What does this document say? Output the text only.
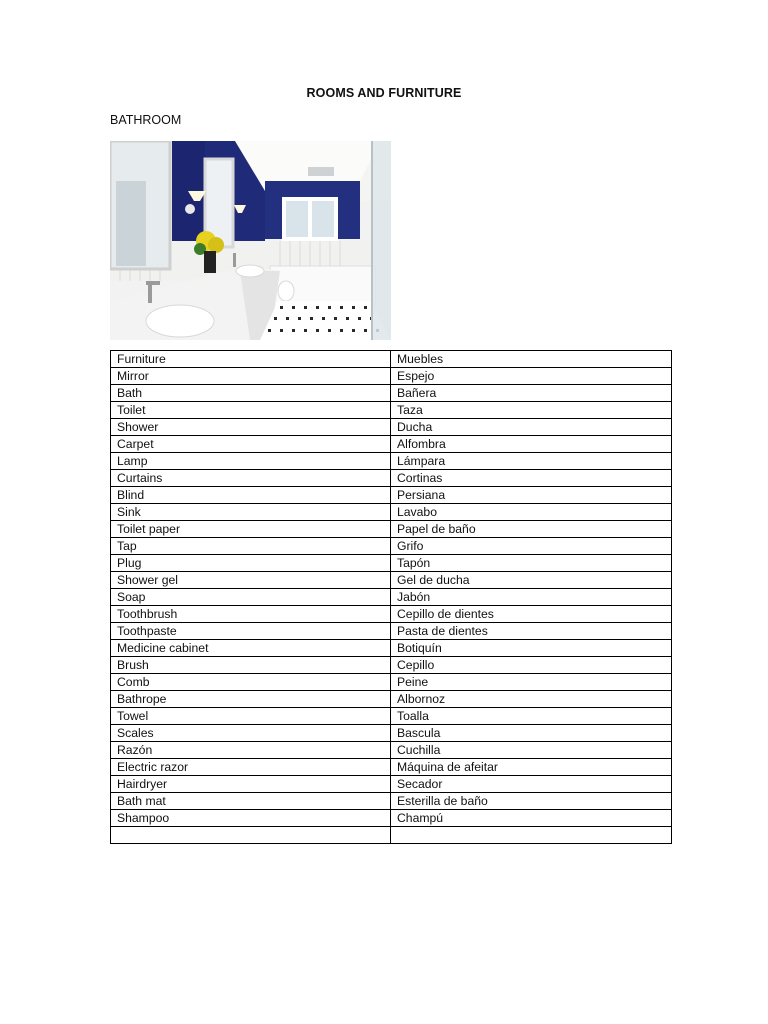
ROOMS AND FURNITURE
BATHROOM
Furniture	Muebles
Mirror	Espejo
Bath	Bañera
Toilet	Taza
Shower	Ducha
Carpet	Alfombra
Lamp	Lámpara
Curtains	Cortinas
Blind	Persiana
Sink	Lavabo
Toilet paper	Papel de baño
Tap	Grifo
Plug	Tapón
Shower gel	Gel de ducha
Soap	Jabón
Toothbrush	Cepillo de dientes
Toothpaste	Pasta de dientes
Medicine cabinet	Botiquín
Brush	Cepillo
Comb	Peine
Bathrope	Albornoz
Towel	Toalla
Scales	Bascula
Razón	Cuchilla
Electric razor	Máquina de afeitar
Hairdryer	Secador
Bath mat	Esterilla de baño
Shampoo	Champú
